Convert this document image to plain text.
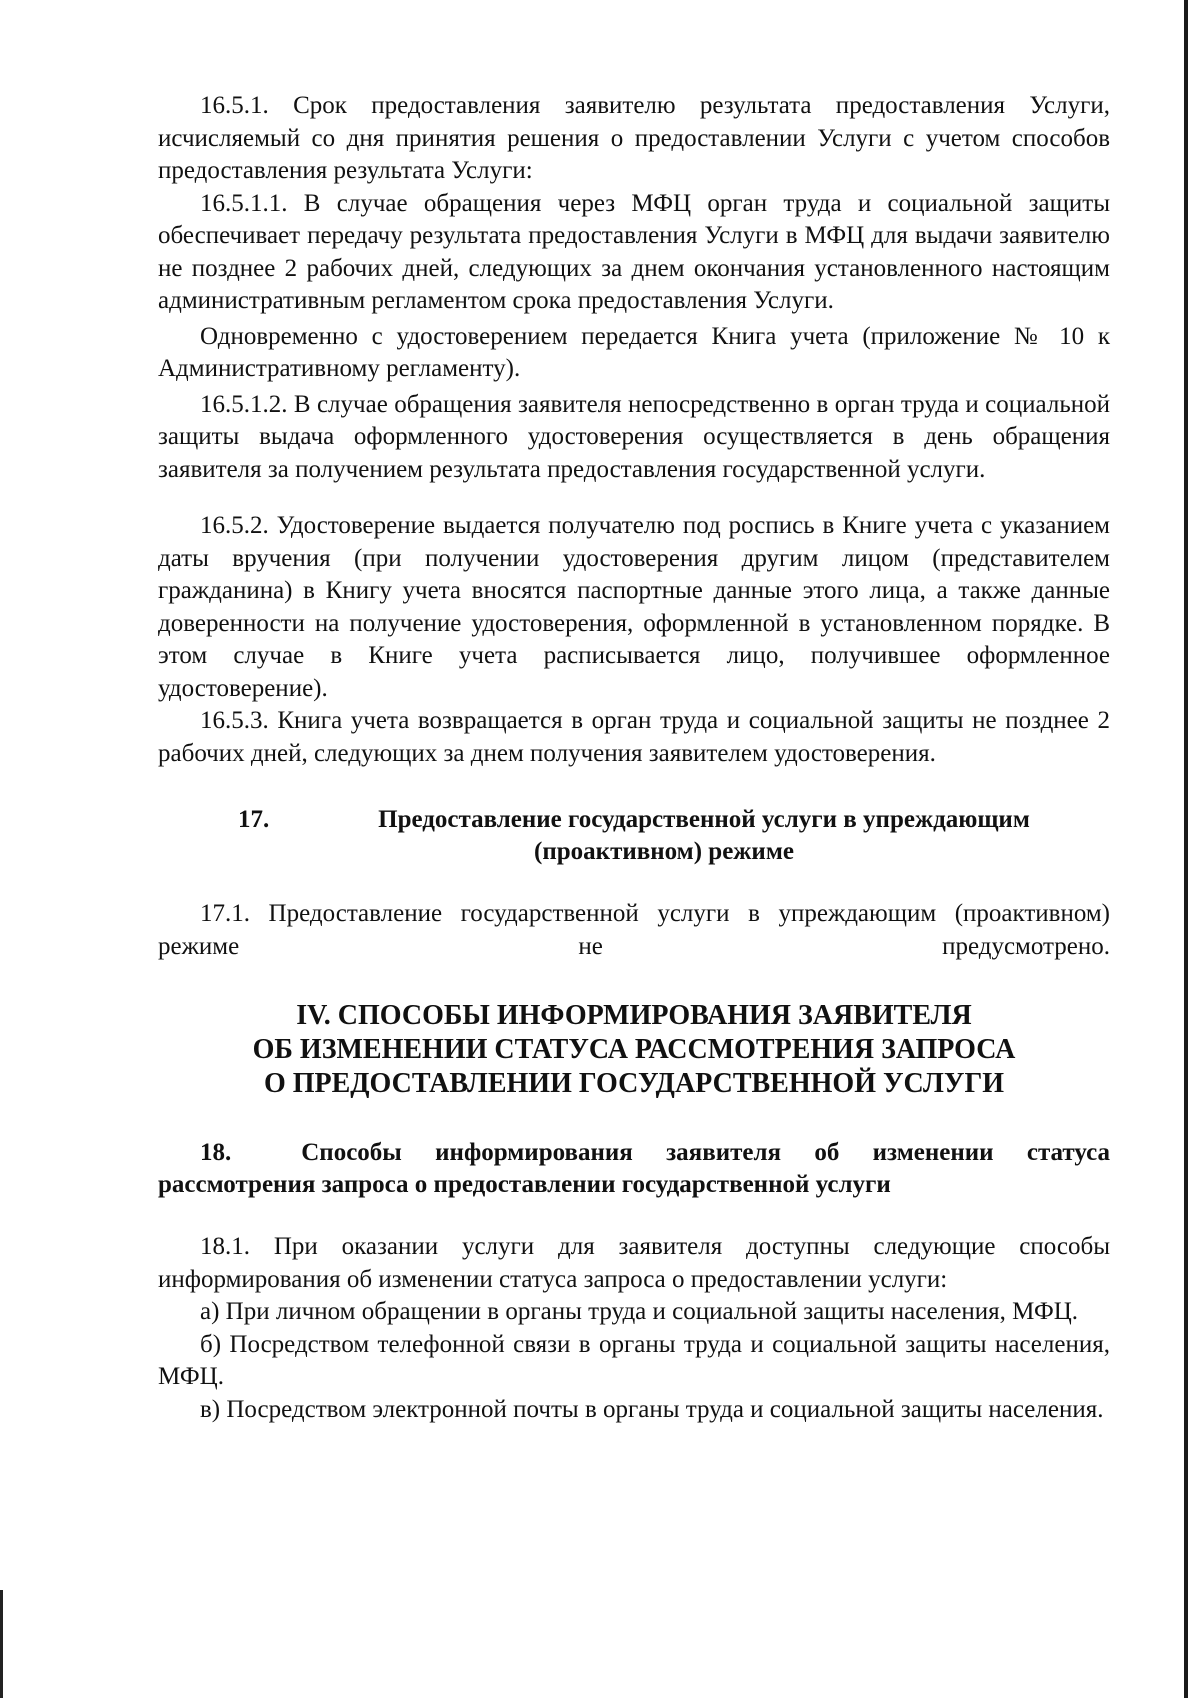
16.5.1. Срок предоставления заявителю результата предоставления Услуги, исчисляемый со дня принятия решения о предоставлении Услуги с учетом способов предоставления результата Услуги:

16.5.1.1. В случае обращения через МФЦ орган труда и социальной защиты обеспечивает передачу результата предоставления Услуги в МФЦ для выдачи заявителю не позднее 2 рабочих дней, следующих за днем окончания установленного настоящим административным регламентом срока предоставления Услуги.

Одновременно с удостоверением передается Книга учета (приложение № 10 к Административному регламенту).

16.5.1.2. В случае обращения заявителя непосредственно в орган труда и социальной защиты выдача оформленного удостоверения осуществляется в день обращения заявителя за получением результата предоставления государственной услуги.

16.5.2. Удостоверение выдается получателю под роспись в Книге учета с указанием даты вручения (при получении удостоверения другим лицом (представителем гражданина) в Книгу учета вносятся паспортные данные этого лица, а также данные доверенности на получение удостоверения, оформленной в установленном порядке. В этом случае в Книге учета расписывается лицо, получившее оформленное удостоверение).

16.5.3. Книга учета возвращается в орган труда и социальной защиты не позднее 2 рабочих дней, следующих за днем получения заявителем удостоверения.

17.	Предоставление государственной услуги в упреждающим
(проактивном) режиме

17.1. Предоставление государственной услуги в упреждающим (проактивном) режиме не предусмотрено.

IV. СПОСОБЫ ИНФОРМИРОВАНИЯ ЗАЯВИТЕЛЯ
ОБ ИЗМЕНЕНИИ СТАТУСА РАССМОТРЕНИЯ ЗАПРОСА
О ПРЕДОСТАВЛЕНИИ ГОСУДАРСТВЕННОЙ УСЛУГИ
18.	Способы информирования заявителя об изменении статуса
рассмотрения запроса о предоставлении государственной услуги

18.1. При оказании услуги для заявителя доступны следующие способы информирования об изменении статуса запроса о предоставлении услуги:

а) При личном обращении в органы труда и социальной защиты населения, МФЦ.

б) Посредством телефонной связи в органы труда и социальной защиты населения, МФЦ.

в) Посредством электронной почты в органы труда и социальной защиты населения.
